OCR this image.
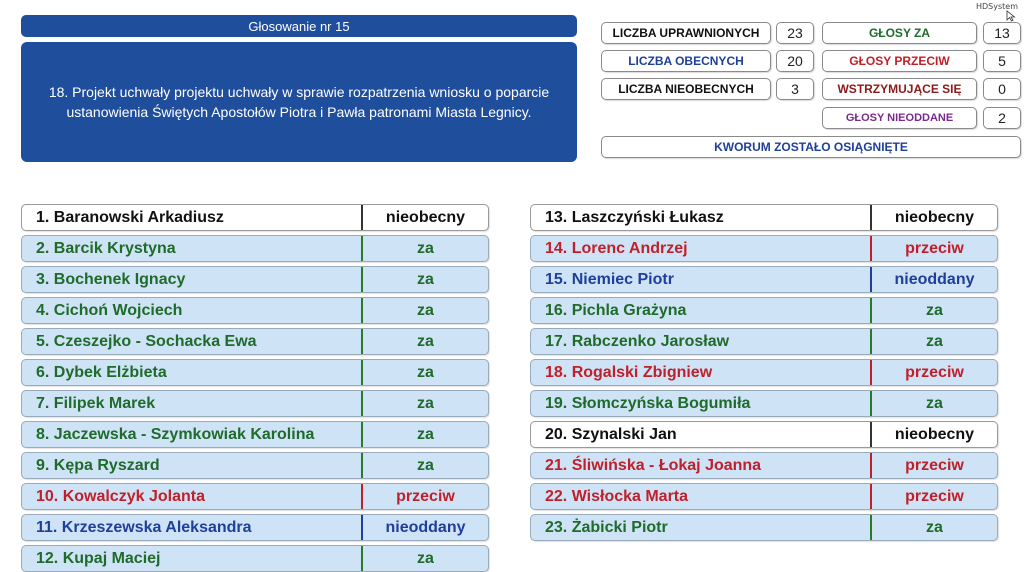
Głosowanie nr 15
18. Projekt uchwały projektu uchwały w sprawie rozpatrzenia wniosku o poparcie ustanowienia Świętych Apostołów Piotra i Pawła patronami Miasta Legnicy.
HDSystem
LICZBA UPRAWNIONYCH	23
LICZBA OBECNYCH	20
LICZBA NIEOBECNYCH	3
GŁOSY ZA	13
GŁOSY PRZECIW	5
WSTRZYMUJĄCE SIĘ	0
GŁOSY NIEODDANE	2
KWORUM ZOSTAŁO OSIĄGNIĘTE
1. Baranowski Arkadiusz	nieobecny
2. Barcik Krystyna	za
3. Bochenek Ignacy	za
4. Cichoń Wojciech	za
5. Czeszejko - Sochacka Ewa	za
6. Dybek Elżbieta	za
7. Filipek Marek	za
8. Jaczewska - Szymkowiak Karolina	za
9. Kępa Ryszard	za
10. Kowalczyk Jolanta	przeciw
11. Krzeszewska Aleksandra	nieoddany
12. Kupaj Maciej	za
13. Laszczyński Łukasz	nieobecny
14. Lorenc Andrzej	przeciw
15. Niemiec Piotr	nieoddany
16. Pichla Grażyna	za
17. Rabczenko Jarosław	za
18. Rogalski Zbigniew	przeciw
19. Słomczyńska Bogumiła	za
20. Szynalski Jan	nieobecny
21. Śliwińska - Łokaj Joanna	przeciw
22. Wisłocka Marta	przeciw
23. Żabicki Piotr	za
